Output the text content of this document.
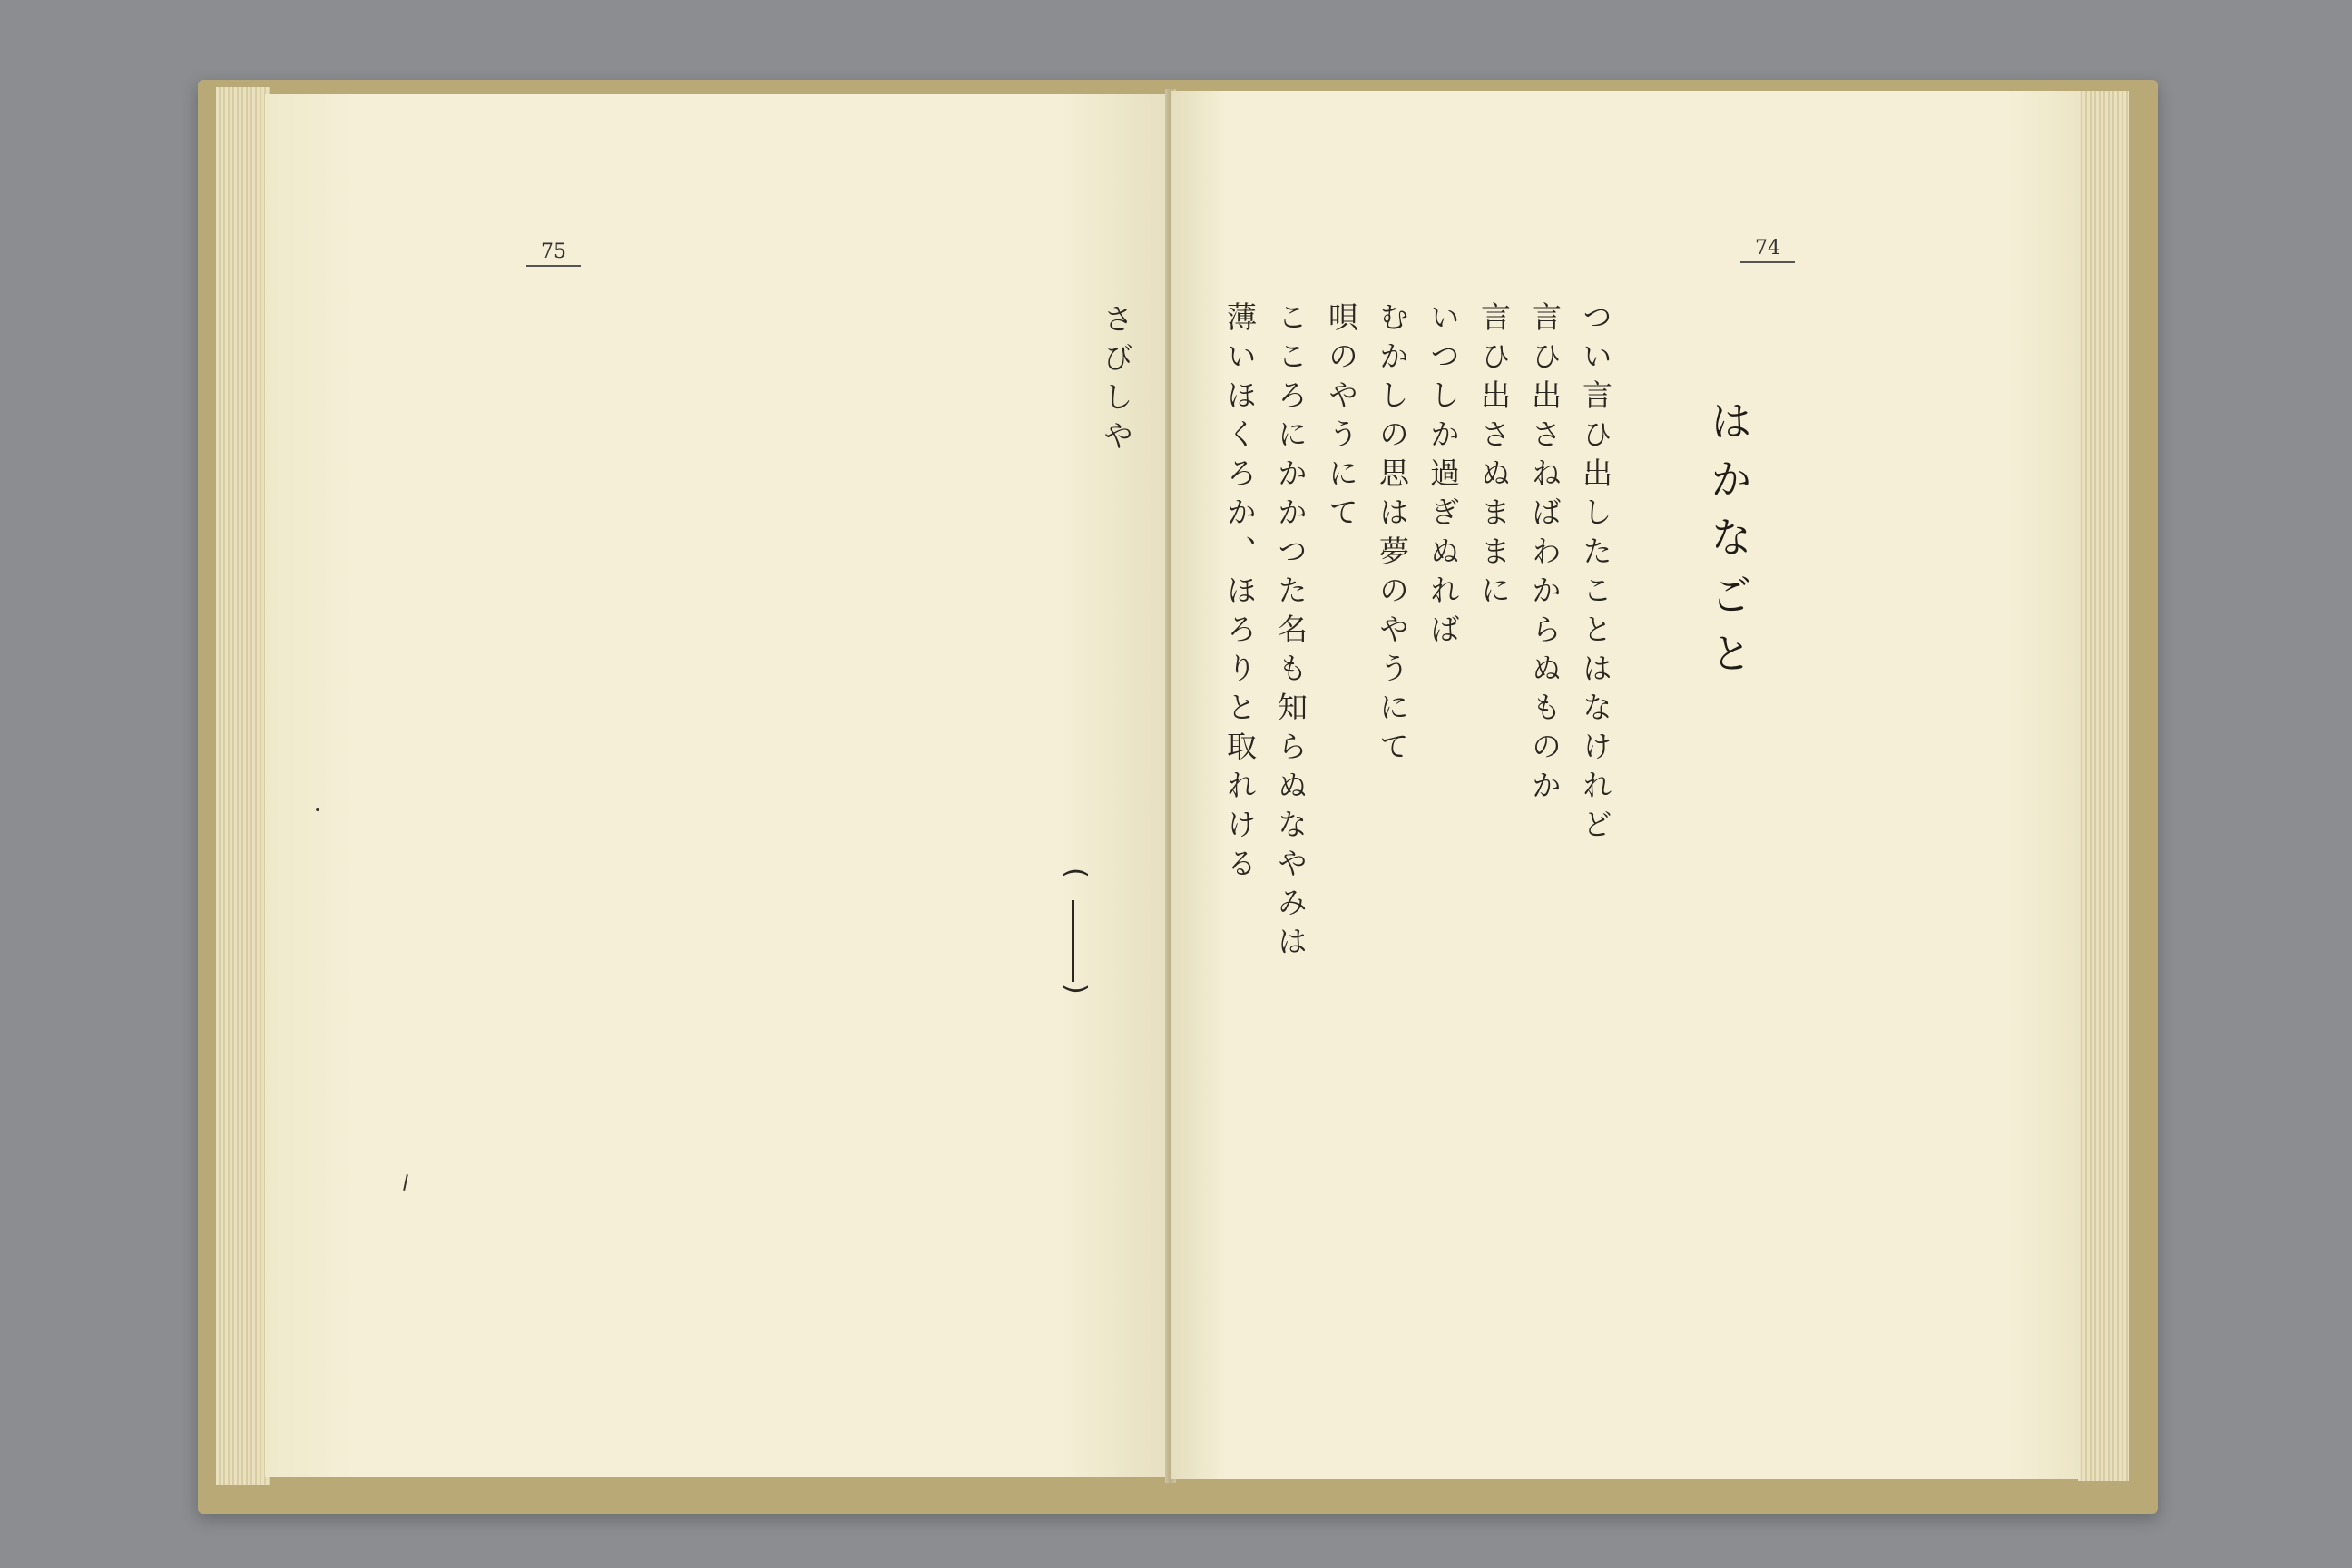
75
さびしや
(
)
74
はかなごと
つい言ひ出したことはなけれど
言ひ出さねばわからぬものか
言ひ出さぬままに
いつしか過ぎぬれば
むかしの思は夢のやうにて
唄のやうにて
こころにかかつた名も知らぬなやみは
薄いほくろか、ほろりと取れける
